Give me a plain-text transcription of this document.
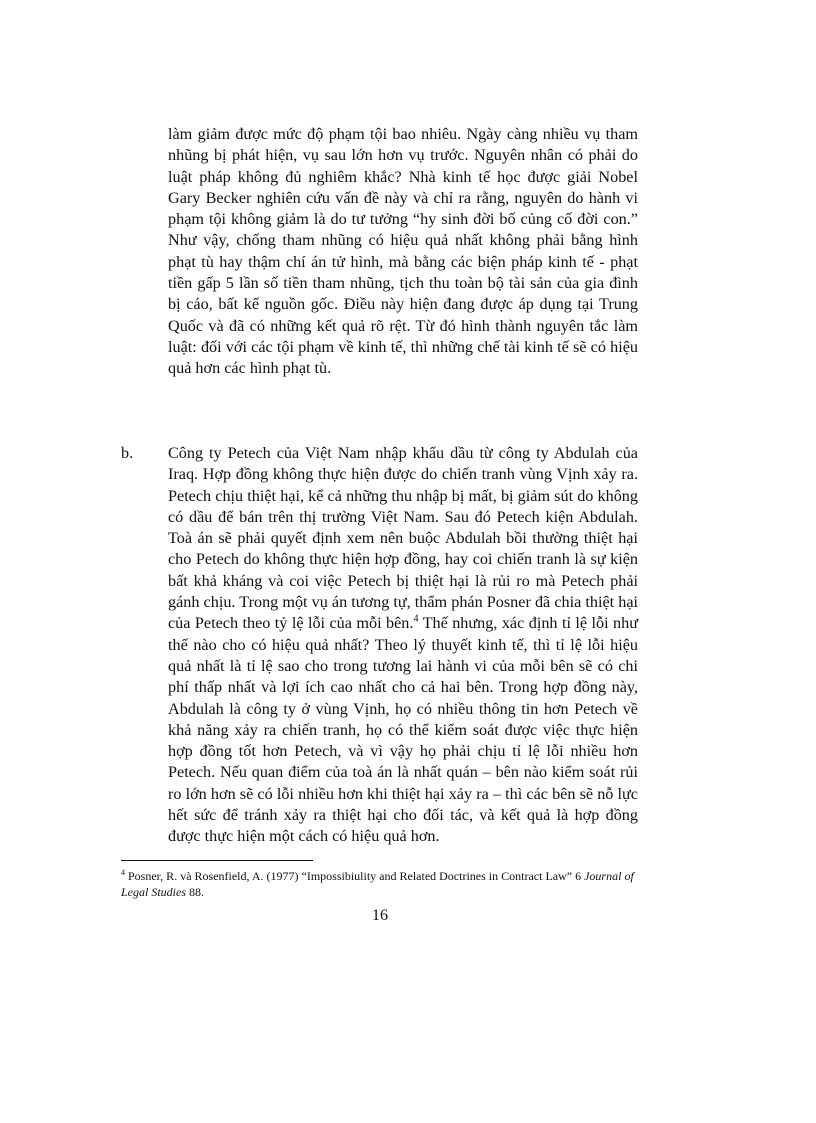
làm giảm được mức độ phạm tội bao nhiêu. Ngày càng nhiều vụ tham nhũng bị phát hiện, vụ sau lớn hơn vụ trước. Nguyên nhân có phải do luật pháp không đủ nghiêm khắc? Nhà kinh tế học được giải Nobel Gary Becker nghiên cứu vấn đề này và chỉ ra rằng, nguyên do hành vi phạm tội không giảm là do tư tưởng “hy sinh đời bố củng cố đời con.” Như vậy, chống tham nhũng có hiệu quả nhất không phải bằng hình phạt tù hay thậm chí án tử hình, mà bằng các biện pháp kinh tế - phạt tiền gấp 5 lần số tiền tham nhũng, tịch thu toàn bộ tài sản của gia đình bị cáo, bất kể nguồn gốc. Điều này hiện đang được áp dụng tại Trung Quốc và đã có những kết quả rõ rệt. Từ đó hình thành nguyên tắc làm luật: đối với các tội phạm về kinh tế, thì những chế tài kinh tế sẽ có hiệu quả hơn các hình phạt tù.

b. Công ty Petech của Việt Nam nhập khẩu dầu từ công ty Abdulah của Iraq. Hợp đồng không thực hiện được do chiến tranh vùng Vịnh xảy ra. Petech chịu thiệt hại, kể cả những thu nhập bị mất, bị giảm sút do không có dầu để bán trên thị trường Việt Nam. Sau đó Petech kiện Abdulah. Toà án sẽ phải quyết định xem nên buộc Abdulah bồi thường thiệt hại cho Petech do không thực hiện hợp đồng, hay coi chiến tranh là sự kiện bất khả kháng và coi việc Petech bị thiệt hại là rủi ro mà Petech phải gánh chịu. Trong một vụ án tương tự, thẩm phán Posner đã chia thiệt hại của Petech theo tỷ lệ lỗi của mỗi bên.$^4$ Thế nhưng, xác định tỉ lệ lỗi như thế nào cho có hiệu quả nhất? Theo lý thuyết kinh tế, thì tỉ lệ lỗi hiệu quả nhất là tỉ lệ sao cho trong tương lai hành vi của mỗi bên sẽ có chi phí thấp nhất và lợi ích cao nhất cho cả hai bên. Trong hợp đồng này, Abdulah là công ty ở vùng Vịnh, họ có nhiều thông tin hơn Petech về khả năng xảy ra chiến tranh, họ có thể kiểm soát được việc thực hiện hợp đồng tốt hơn Petech, và vì vậy họ phải chịu tỉ lệ lỗi nhiều hơn Petech. Nếu quan điểm của toà án là nhất quán – bên nào kiểm soát rủi ro lớn hơn sẽ có lỗi nhiều hơn khi thiệt hại xảy ra – thì các bên sẽ nỗ lực hết sức để tránh xảy ra thiệt hại cho đối tác, và kết quả là hợp đồng được thực hiện một cách có hiệu quả hơn.

$^4$ Posner, R. và Rosenfield, A. (1977) “Impossibiulity and Related Doctrines in Contract Law” 6 Journal of Legal Studies 88.

16
